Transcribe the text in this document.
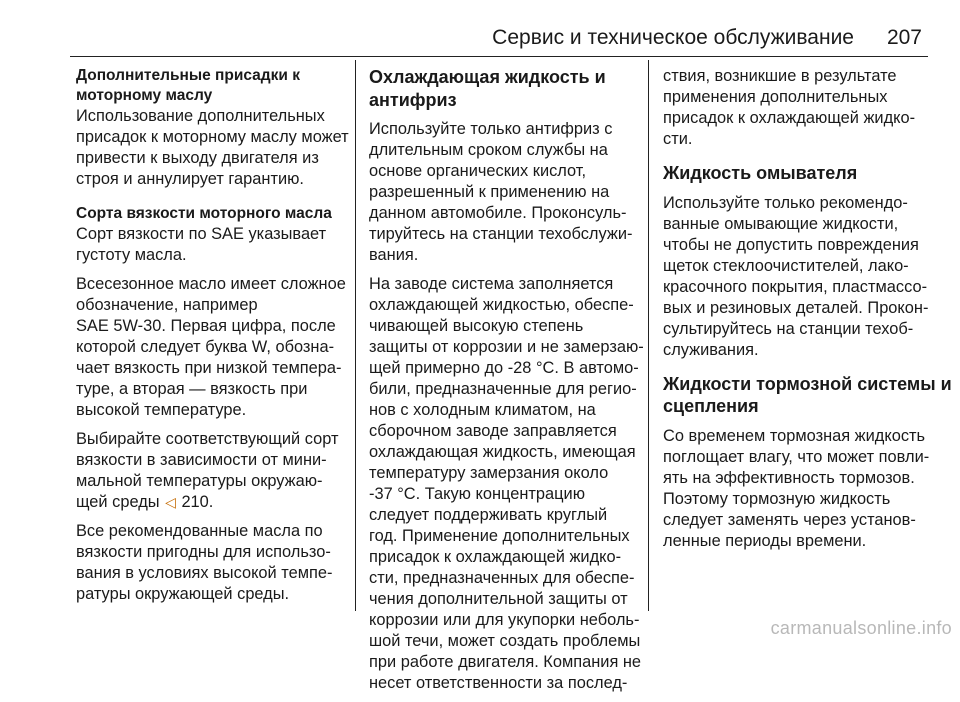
Сервис и техническое обслуживание 207
Дополнительные присадки к
моторному маслу
Использование дополнительных
присадок к моторному маслу может
привести к выходу двигателя из
строя и аннулирует гарантию.
Сорта вязкости моторного масла
Сорт вязкости по SAE указывает
густоту масла.
Всесезонное масло имеет сложное
обозначение, например
SAE 5W-30. Первая цифра, после
которой следует буква W, обозна-
чает вязкость при низкой темпера-
туре, а вторая — вязкость при
высокой температуре.
Выбирайте соответствующий сорт
вязкости в зависимости от мини-
мальной температуры окружаю-
щей среды ◁ 210.
Все рекомендованные масла по
вязкости пригодны для использо-
вания в условиях высокой темпе-
ратуры окружающей среды.
Охлаждающая жидкость и
антифриз
Используйте только антифриз с
длительным сроком службы на
основе органических кислот,
разрешенный к применению на
данном автомобиле. Проконсуль-
тируйтесь на станции техобслужи-
вания.
На заводе система заполняется
охлаждающей жидкостью, обеспе-
чивающей высокую степень
защиты от коррозии и не замерзаю-
щей примерно до -28 °C. В автомо-
били, предназначенные для регио-
нов с холодным климатом, на
сборочном заводе заправляется
охлаждающая жидкость, имеющая
температуру замерзания около
-37 °C. Такую концентрацию
следует поддерживать круглый
год. Применение дополнительных
присадок к охлаждающей жидко-
сти, предназначенных для обеспе-
чения дополнительной защиты от
коррозии или для укупорки неболь-
шой течи, может создать проблемы
при работе двигателя. Компания не
несет ответственности за послед-
ствия, возникшие в результате
применения дополнительных
присадок к охлаждающей жидко-
сти.
Жидкость омывателя
Используйте только рекомендо-
ванные омывающие жидкости,
чтобы не допустить повреждения
щеток стеклоочистителей, лако-
красочного покрытия, пластмассо-
вых и резиновых деталей. Прокон-
сультируйтесь на станции техоб-
служивания.
Жидкости тормозной системы и
сцепления
Со временем тормозная жидкость
поглощает влагу, что может повли-
ять на эффективность тормозов.
Поэтому тормозную жидкость
следует заменять через установ-
ленные периоды времени.
carmanualsonline.info
